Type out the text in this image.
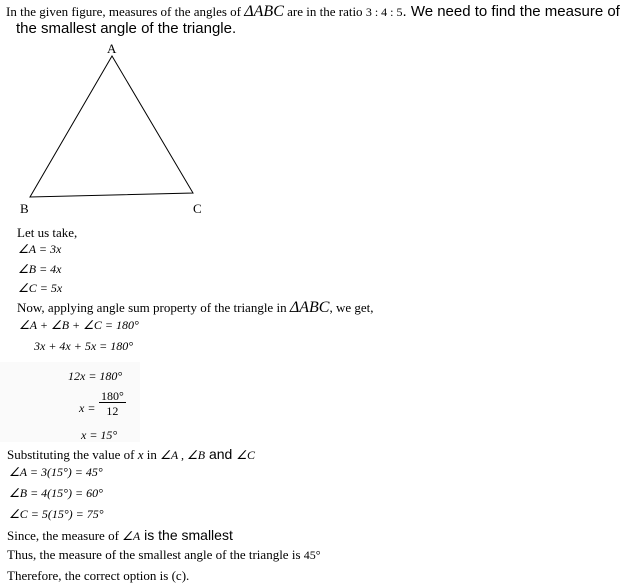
In the given figure, measures of the angles of ΔABC are in the ratio 3 : 4 : 5. We need to find the measure of
the smallest angle of the triangle.
A
B	C
Let us take,
∠A = 3x
∠B = 4x
∠C = 5x
Now, applying angle sum property of the triangle in ΔABC, we get,
∠A + ∠B + ∠C = 180°
3x + 4x + 5x = 180°
12x = 180°
$x = \frac{180^\circ}{12}$
x = 15°
Substituting the value of x in ∠A , ∠B and ∠C
∠A = 3(15°) = 45°
∠B = 4(15°) = 60°
∠C = 5(15°) = 75°
Since, the measure of ∠A is the smallest
Thus, the measure of the smallest angle of the triangle is 45°
Therefore, the correct option is (c).
